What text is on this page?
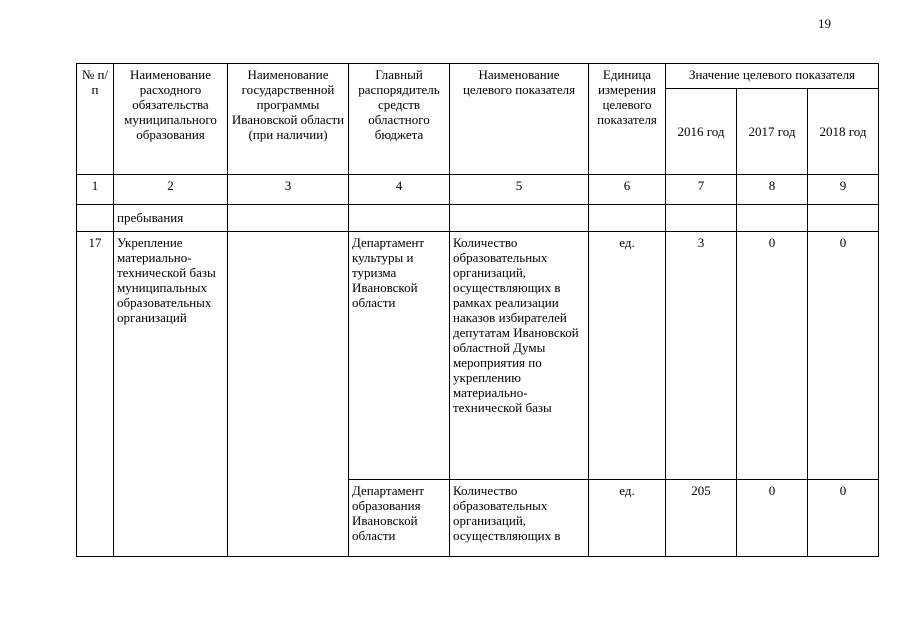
19
№ п/п	Наименование расходного обязательства муниципального образования	Наименование государственной программы Ивановской области (при наличии)	Главный распорядитель средств областного бюджета	Наименование целевого показателя	Единица измерения целевого показателя	Значение целевого показателя		
						2016 год	2017 год	2018 год
1	2	3	4	5	6	7	8	9
	пребывания							
17	Укрепление материально-технической базы муниципальных образовательных организаций		Департамент культуры и туризма Ивановской области	Количество образовательных организаций, осуществляющих в рамках реализации наказов избирателей депутатам Ивановской областной Думы мероприятия по укреплению материально-технической базы	ед.	3	0	0
			Департамент образования Ивановской области	Количество образовательных организаций, осуществляющих в	ед.	205	0	0
